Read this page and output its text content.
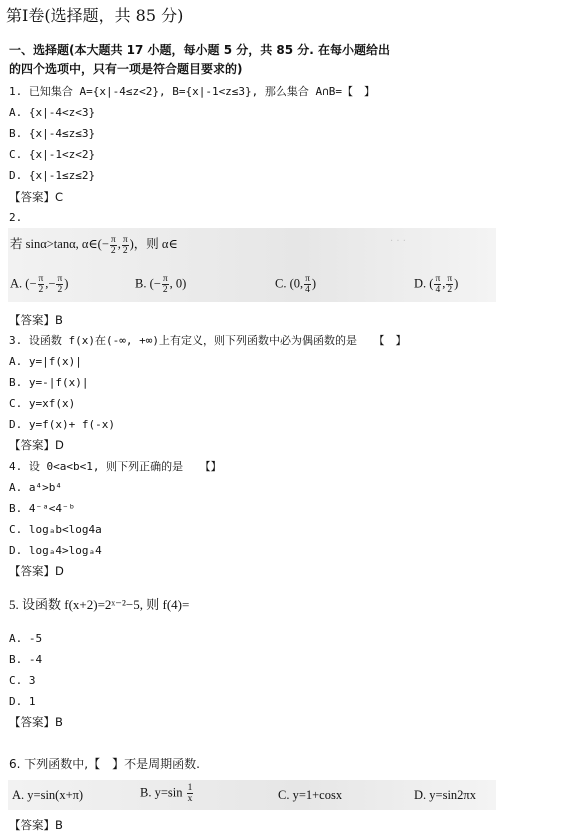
第Ⅰ卷(选择题，共 85 分)
一、选择题(本大题共 17 小题，每小题 5 分，共 85 分. 在每小题给出
的四个选项中，只有一项是符合题目要求的)
1. 已知集合 A={x|-4≤z<2}, B={x|-1<z≤3}, 那么集合 A∩B=【　】
A. {x|-4<z<3}
B. {x|-4≤z≤3}
C. {x|-1<z<2}
D. {x|-1≤z≤2}
【答案】C
2.
· · ·
若 sinα>tanα, α∈(− $\frac{\pi}{2}$ , $\frac{\pi}{2}$ )，则 α∈
A. (− $\frac{\pi}{2}$ ,− $\frac{\pi}{2}$ )	B. (− $\frac{\pi}{2}$ , 0)	C. (0, $\frac{\pi}{4}$ )	D. ( $\frac{\pi}{4}$ , $\frac{\pi}{2}$ )
【答案】B
3. 设函数 f(x)在(-∞, +∞)上有定义，则下列函数中必为偶函数的是　　【　】
A. y=|f(x)|
B. y=-|f(x)|
C. y=xf(x)
D. y=f(x)+ f(-x)
【答案】D
4. 设 0<a<b<1, 则下列正确的是　　【】
A. a⁴>b⁴
B. 4⁻ᵃ<4⁻ᵇ
C. logₐb<log4a
D. logₐ4>logₐ4
【答案】D
5. 设函数 f(x+2)=2ˣ⁻²−5, 则 f(4)=
A. -5
B. -4
C. 3
D. 1
【答案】B
6. 下列函数中,【　】不是周期函数.
A. y=sin(x+π)	B. $y=\sin \frac{1}{x}$	C. y=1+cosx	D. y=sin2πx
【答案】B
